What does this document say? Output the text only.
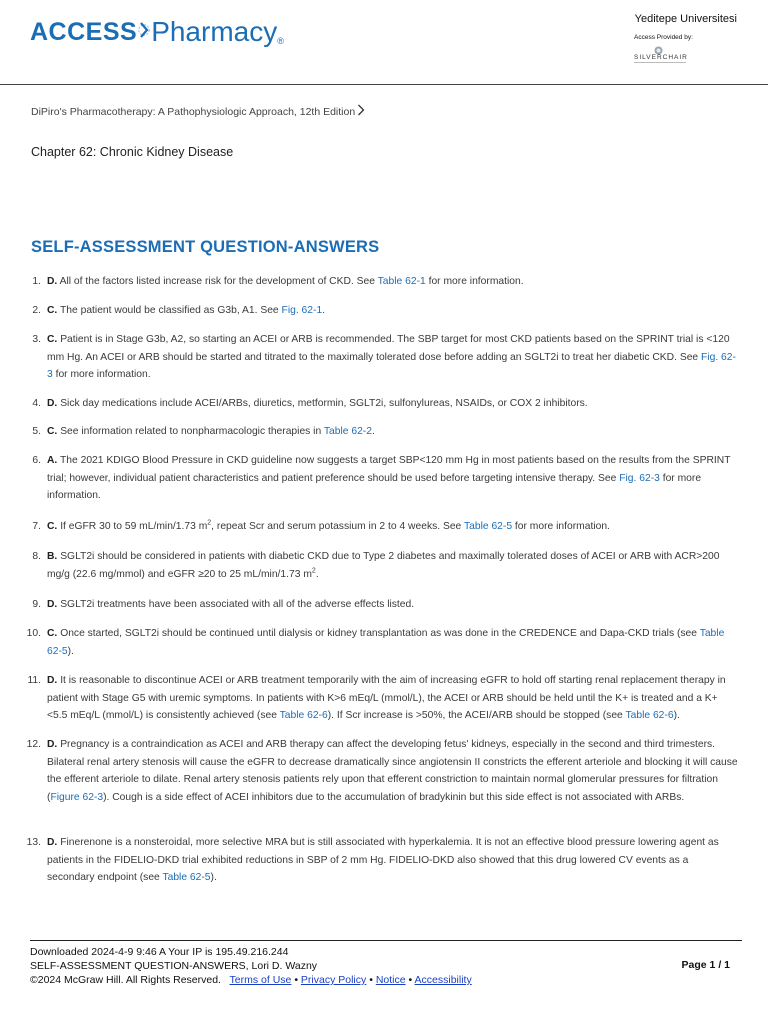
ACCESS Pharmacy ®
Yeditepe Universitesi
Access Provided by:
SILVERCHAIR
DiPiro's Pharmacotherapy: A Pathophysiologic Approach, 12th Edition
Chapter 62: Chronic Kidney Disease
SELF-ASSESSMENT QUESTION-ANSWERS
1. D. All of the factors listed increase risk for the development of CKD. See Table 62-1 for more information.
2. C. The patient would be classified as G3b, A1. See Fig. 62-1.
3. C. Patient is in Stage G3b, A2, so starting an ACEI or ARB is recommended. The SBP target for most CKD patients based on the SPRINT trial is <120 mm Hg. An ACEI or ARB should be started and titrated to the maximally tolerated dose before adding an SGLT2i to treat her diabetic CKD. See Fig. 62-3 for more information.
4. D. Sick day medications include ACEI/ARBs, diuretics, metformin, SGLT2i, sulfonylureas, NSAIDs, or COX 2 inhibitors.
5. C. See information related to nonpharmacologic therapies in Table 62-2.
6. A. The 2021 KDIGO Blood Pressure in CKD guideline now suggests a target SBP<120 mm Hg in most patients based on the results from the SPRINT trial; however, individual patient characteristics and patient preference should be used before targeting intensive therapy. See Fig. 62-3 for more information.
7. C. If eGFR 30 to 59 mL/min/1.73 $m^2$, repeat Scr and serum potassium in 2 to 4 weeks. See Table 62-5 for more information.
8. B. SGLT2i should be considered in patients with diabetic CKD due to Type 2 diabetes and maximally tolerated doses of ACEI or ARB with ACR>200 mg/g (22.6 mg/mmol) and eGFR ≥20 to 25 mL/min/1.73 $m^2$.
9. D. SGLT2i treatments have been associated with all of the adverse effects listed.
10. C. Once started, SGLT2i should be continued until dialysis or kidney transplantation as was done in the CREDENCE and Dapa-CKD trials (see Table 62-5).
11. D. It is reasonable to discontinue ACEI or ARB treatment temporarily with the aim of increasing eGFR to hold off starting renal replacement therapy in patient with Stage G5 with uremic symptoms. In patients with K>6 mEq/L (mmol/L), the ACEI or ARB should be held until the K+ is treated and a K+ <5.5 mEq/L (mmol/L) is consistently achieved (see Table 62-6). If Scr increase is >50%, the ACEI/ARB should be stopped (see Table 62-6).
12. D. Pregnancy is a contraindication as ACEI and ARB therapy can affect the developing fetus' kidneys, especially in the second and third trimesters. Bilateral renal artery stenosis will cause the eGFR to decrease dramatically since angiotensin II constricts the efferent arteriole and blocking it will cause the efferent arteriole to dilate. Renal artery stenosis patients rely upon that efferent constriction to maintain normal glomerular pressures for filtration (Figure 62-3). Cough is a side effect of ACEI inhibitors due to the accumulation of bradykinin but this side effect is not associated with ARBs.
13. D. Finerenone is a nonsteroidal, more selective MRA but is still associated with hyperkalemia. It is not an effective blood pressure lowering agent as patients in the FIDELIO-DKD trial exhibited reductions in SBP of 2 mm Hg. FIDELIO-DKD also showed that this drug lowered CV events as a secondary endpoint (see Table 62-5).
Downloaded 2024-4-9 9:46 A Your IP is 195.49.216.244
SELF-ASSESSMENT QUESTION-ANSWERS, Lori D. Wazny
©2024 McGraw Hill. All Rights Reserved. Terms of Use • Privacy Policy • Notice • Accessibility
Page 1 / 1
